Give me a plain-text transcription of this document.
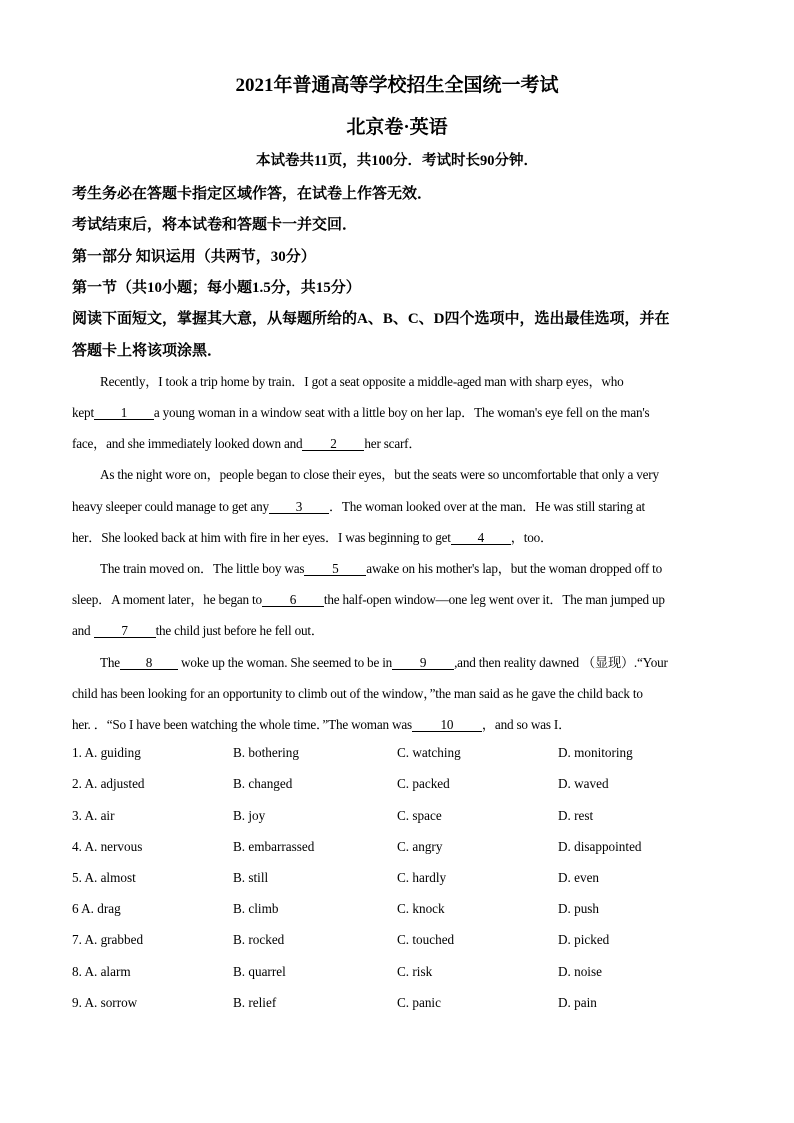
2021年普通高等学校招生全国统一考试
北京卷·英语
本试卷共11页，共100分．考试时长90分钟．
考生务必在答题卡指定区域作答，在试卷上作答无效．
考试结束后，将本试卷和答题卡一并交回．
第一部分 知识运用（共两节，30分）
第一节（共10小题；每小题1.5分，共15分）
阅读下面短文，掌握其大意，从每题所给的A、B、C、D四个选项中，选出最佳选项，并在
答题卡上将该项涂黑．
Recently，I took a trip home by train．I got a seat opposite a middle-aged man with sharp eyes，who
kept 1 a young woman in a window seat with a little boy on her lap．The woman's eye fell on the man's
face，and she immediately looked down and 2 her scarf．
As the night wore on，people began to close their eyes，but the seats were so uncomfortable that only a very
heavy sleeper could manage to get any 3 ．The woman looked over at the man．He was still staring at
her．She looked back at him with fire in her eyes．I was beginning to get 4 ，too．
The train moved on．The little boy was 5 awake on his mother's lap，but the woman dropped off to
sleep．A moment later，he began to 6 the half-open window—one leg went over it．The man jumped up
and 7 the child just before he fell out．
The 8 woke up the woman. She seemed to be in 9 ,and then reality dawned （显现）.“Your
child has been looking for an opportunity to climb out of the window，”the man said as he gave the child back to
her. ．“So I have been watching the whole time．”The woman was 10 ，and so was I．
1. A. guiding	B. bothering	C. watching	D. monitoring
2. A. adjusted	B. changed	C. packed	D. waved
3. A. air	B. joy	C. space	D. rest
4. A. nervous	B. embarrassed	C. angry	D. disappointed
5. A. almost	B. still	C. hardly	D. even
6 A. drag	B. climb	C. knock	D. push
7. A. grabbed	B. rocked	C. touched	D. picked
8. A. alarm	B. quarrel	C. risk	D. noise
9. A. sorrow	B. relief	C. panic	D. pain
